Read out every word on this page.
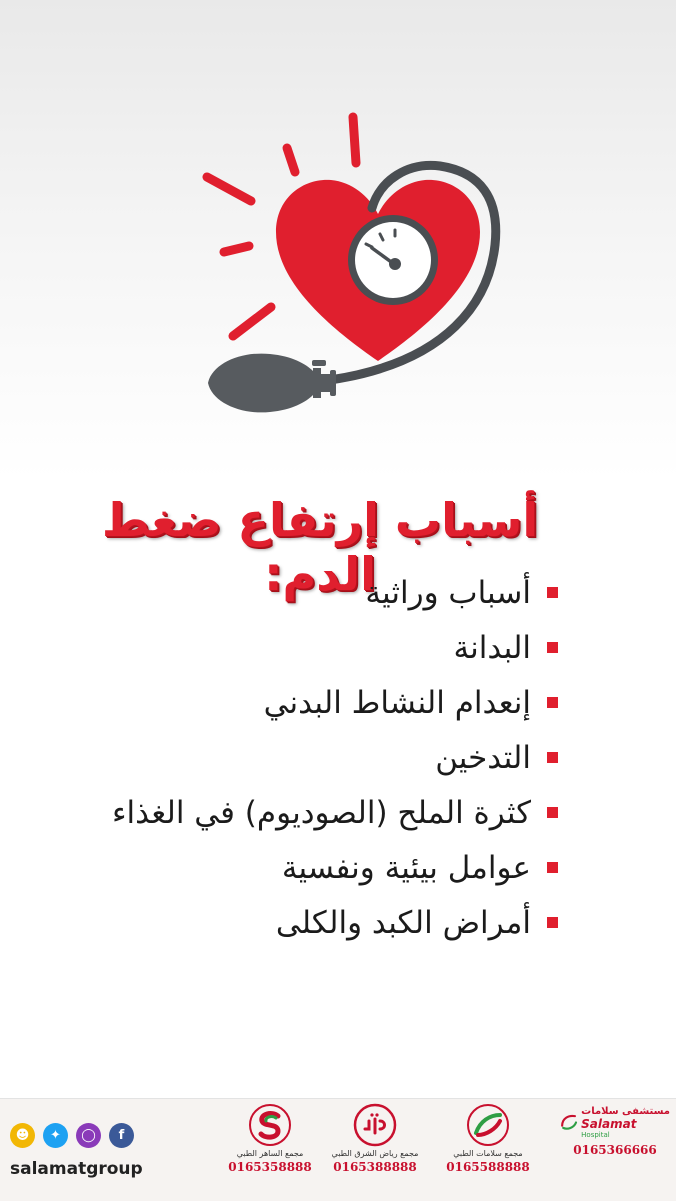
أسباب إرتفاع ضغط الدم:
أسباب وراثية
البدانة
إنعدام النشاط البدني
التدخين
كثرة الملح (الصوديوم) في الغذاء
عوامل بيئية ونفسية
أمراض الكبد والكلى
☻	✦	◯	f
salamatgroup
مجمع الساهر الطبي
0165358888
مجمع رياض الشرق الطبي
0165388888
مجمع سلامات الطبي
0165588888
مستشفى سلامات
Salamat
Hospital
0165366666
